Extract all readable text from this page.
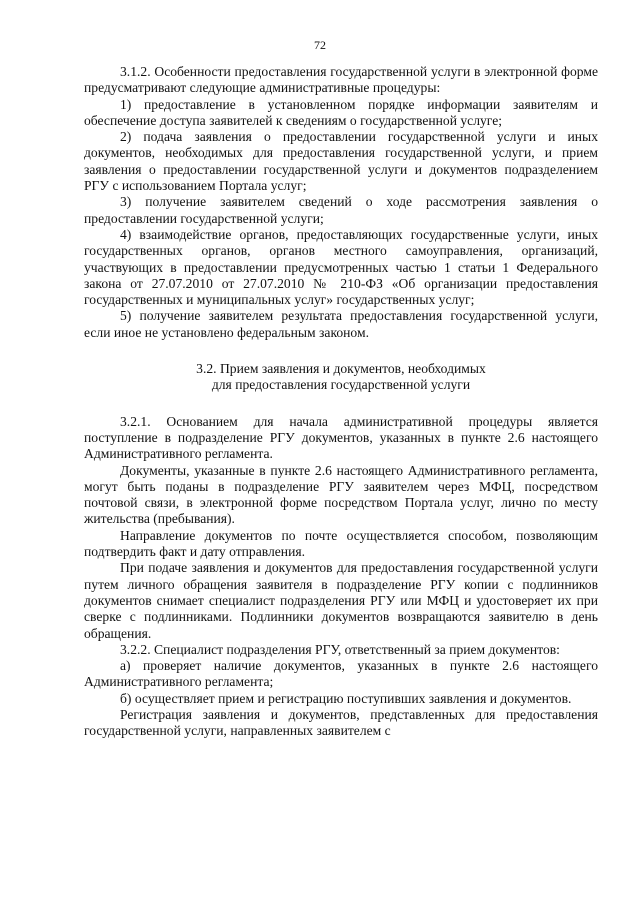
72

3.1.2. Особенности предоставления государственной услуги в электронной форме предусматривают следующие административные процедуры:

1) предоставление в установленном порядке информации заявителям и обеспечение доступа заявителей к сведениям о государственной услуге;

2) подача заявления о предоставлении государственной услуги и иных документов, необходимых для предоставления государственной услуги, и прием заявления о предоставлении государственной услуги и документов подразделением РГУ с использованием Портала услуг;

3) получение заявителем сведений о ходе рассмотрения заявления о предоставлении государственной услуги;

4) взаимодействие органов, предоставляющих государственные услуги, иных государственных органов, органов местного самоуправления, организаций, участвующих в предоставлении предусмотренных частью 1 статьи 1 Федерального закона от 27.07.2010 от 27.07.2010 № 210-ФЗ «Об организации предоставления государственных и муниципальных услуг» государственных услуг;

5) получение заявителем результата предоставления государственной услуги, если иное не установлено федеральным законом.

3.2. Прием заявления и документов, необходимых
для предоставления государственной услуги

3.2.1. Основанием для начала административной процедуры является поступление в подразделение РГУ документов, указанных в пункте 2.6 настоящего Административного регламента.

Документы, указанные в пункте 2.6 настоящего Административного регламента, могут быть поданы в подразделение РГУ заявителем через МФЦ, посредством почтовой связи, в электронной форме посредством Портала услуг, лично по месту жительства (пребывания).

Направление документов по почте осуществляется способом, позволяющим подтвердить факт и дату отправления.

При подаче заявления и документов для предоставления государственной услуги путем личного обращения заявителя в подразделение РГУ копии с подлинников документов снимает специалист подразделения РГУ или МФЦ и удостоверяет их при сверке с подлинниками. Подлинники документов возвращаются заявителю в день обращения.

3.2.2. Специалист подразделения РГУ, ответственный за прием документов:

а) проверяет наличие документов, указанных в пункте 2.6 настоящего Административного регламента;

б) осуществляет прием и регистрацию поступивших заявления и документов.

Регистрация заявления и документов, представленных для предоставления государственной услуги, направленных заявителем с
